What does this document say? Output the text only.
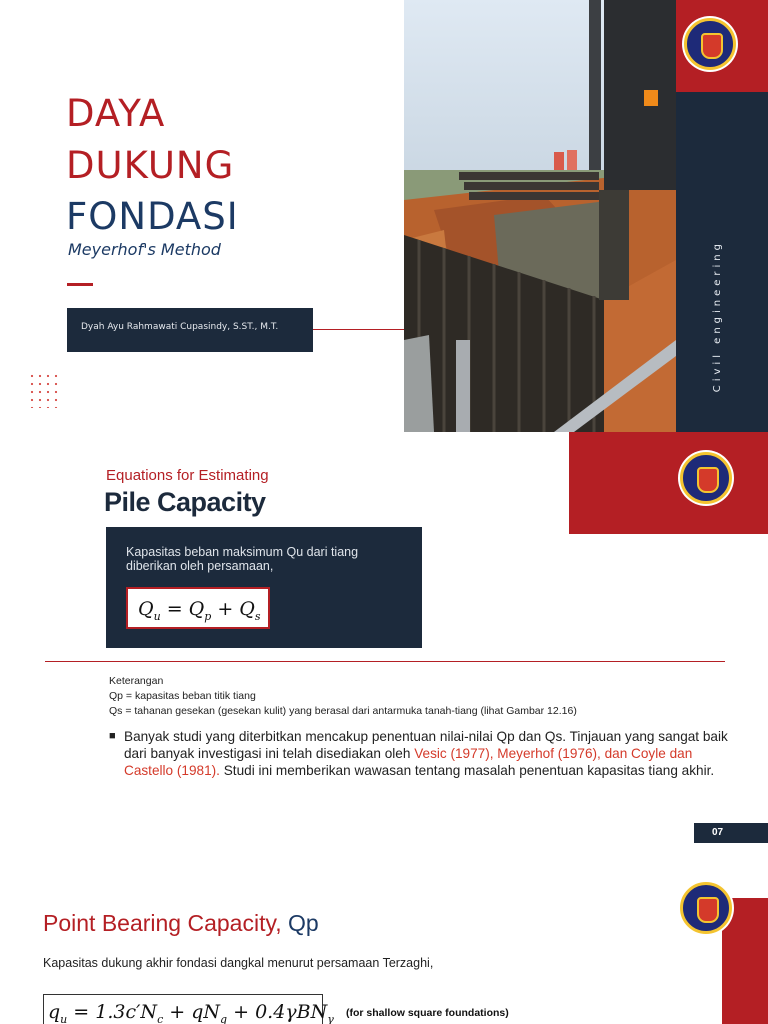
Civil engineering
DAYA
DUKUNG
FONDASI
Meyerhof's Method
Dyah Ayu Rahmawati Cupasindy, S.ST., M.T.
Equations for Estimating
Pile Capacity
Kapasitas beban maksimum Qu dari tiang diberikan oleh persamaan,
$Q_u = Q_p + Q_s$
Keterangan
Qp = kapasitas beban titik tiang
Qs = tahanan gesekan (gesekan kulit) yang berasal dari antarmuka tanah-tiang (lihat Gambar 12.16)
■ Banyak studi yang diterbitkan mencakup penentuan nilai-nilai Qp dan Qs. Tinjauan yang sangat baik dari banyak investigasi ini telah disediakan oleh Vesic (1977), Meyerhof (1976), dan Coyle dan Castello (1981). Studi ini memberikan wawasan tentang masalah penentuan kapasitas tiang akhir.
07
Point Bearing Capacity, Qp
Kapasitas dukung akhir fondasi dangkal menurut persamaan Terzaghi,
$q_u = 1.3c'N_c + qN_q + 0.4\gamma BN_\gamma$ (for shallow square foundations)
